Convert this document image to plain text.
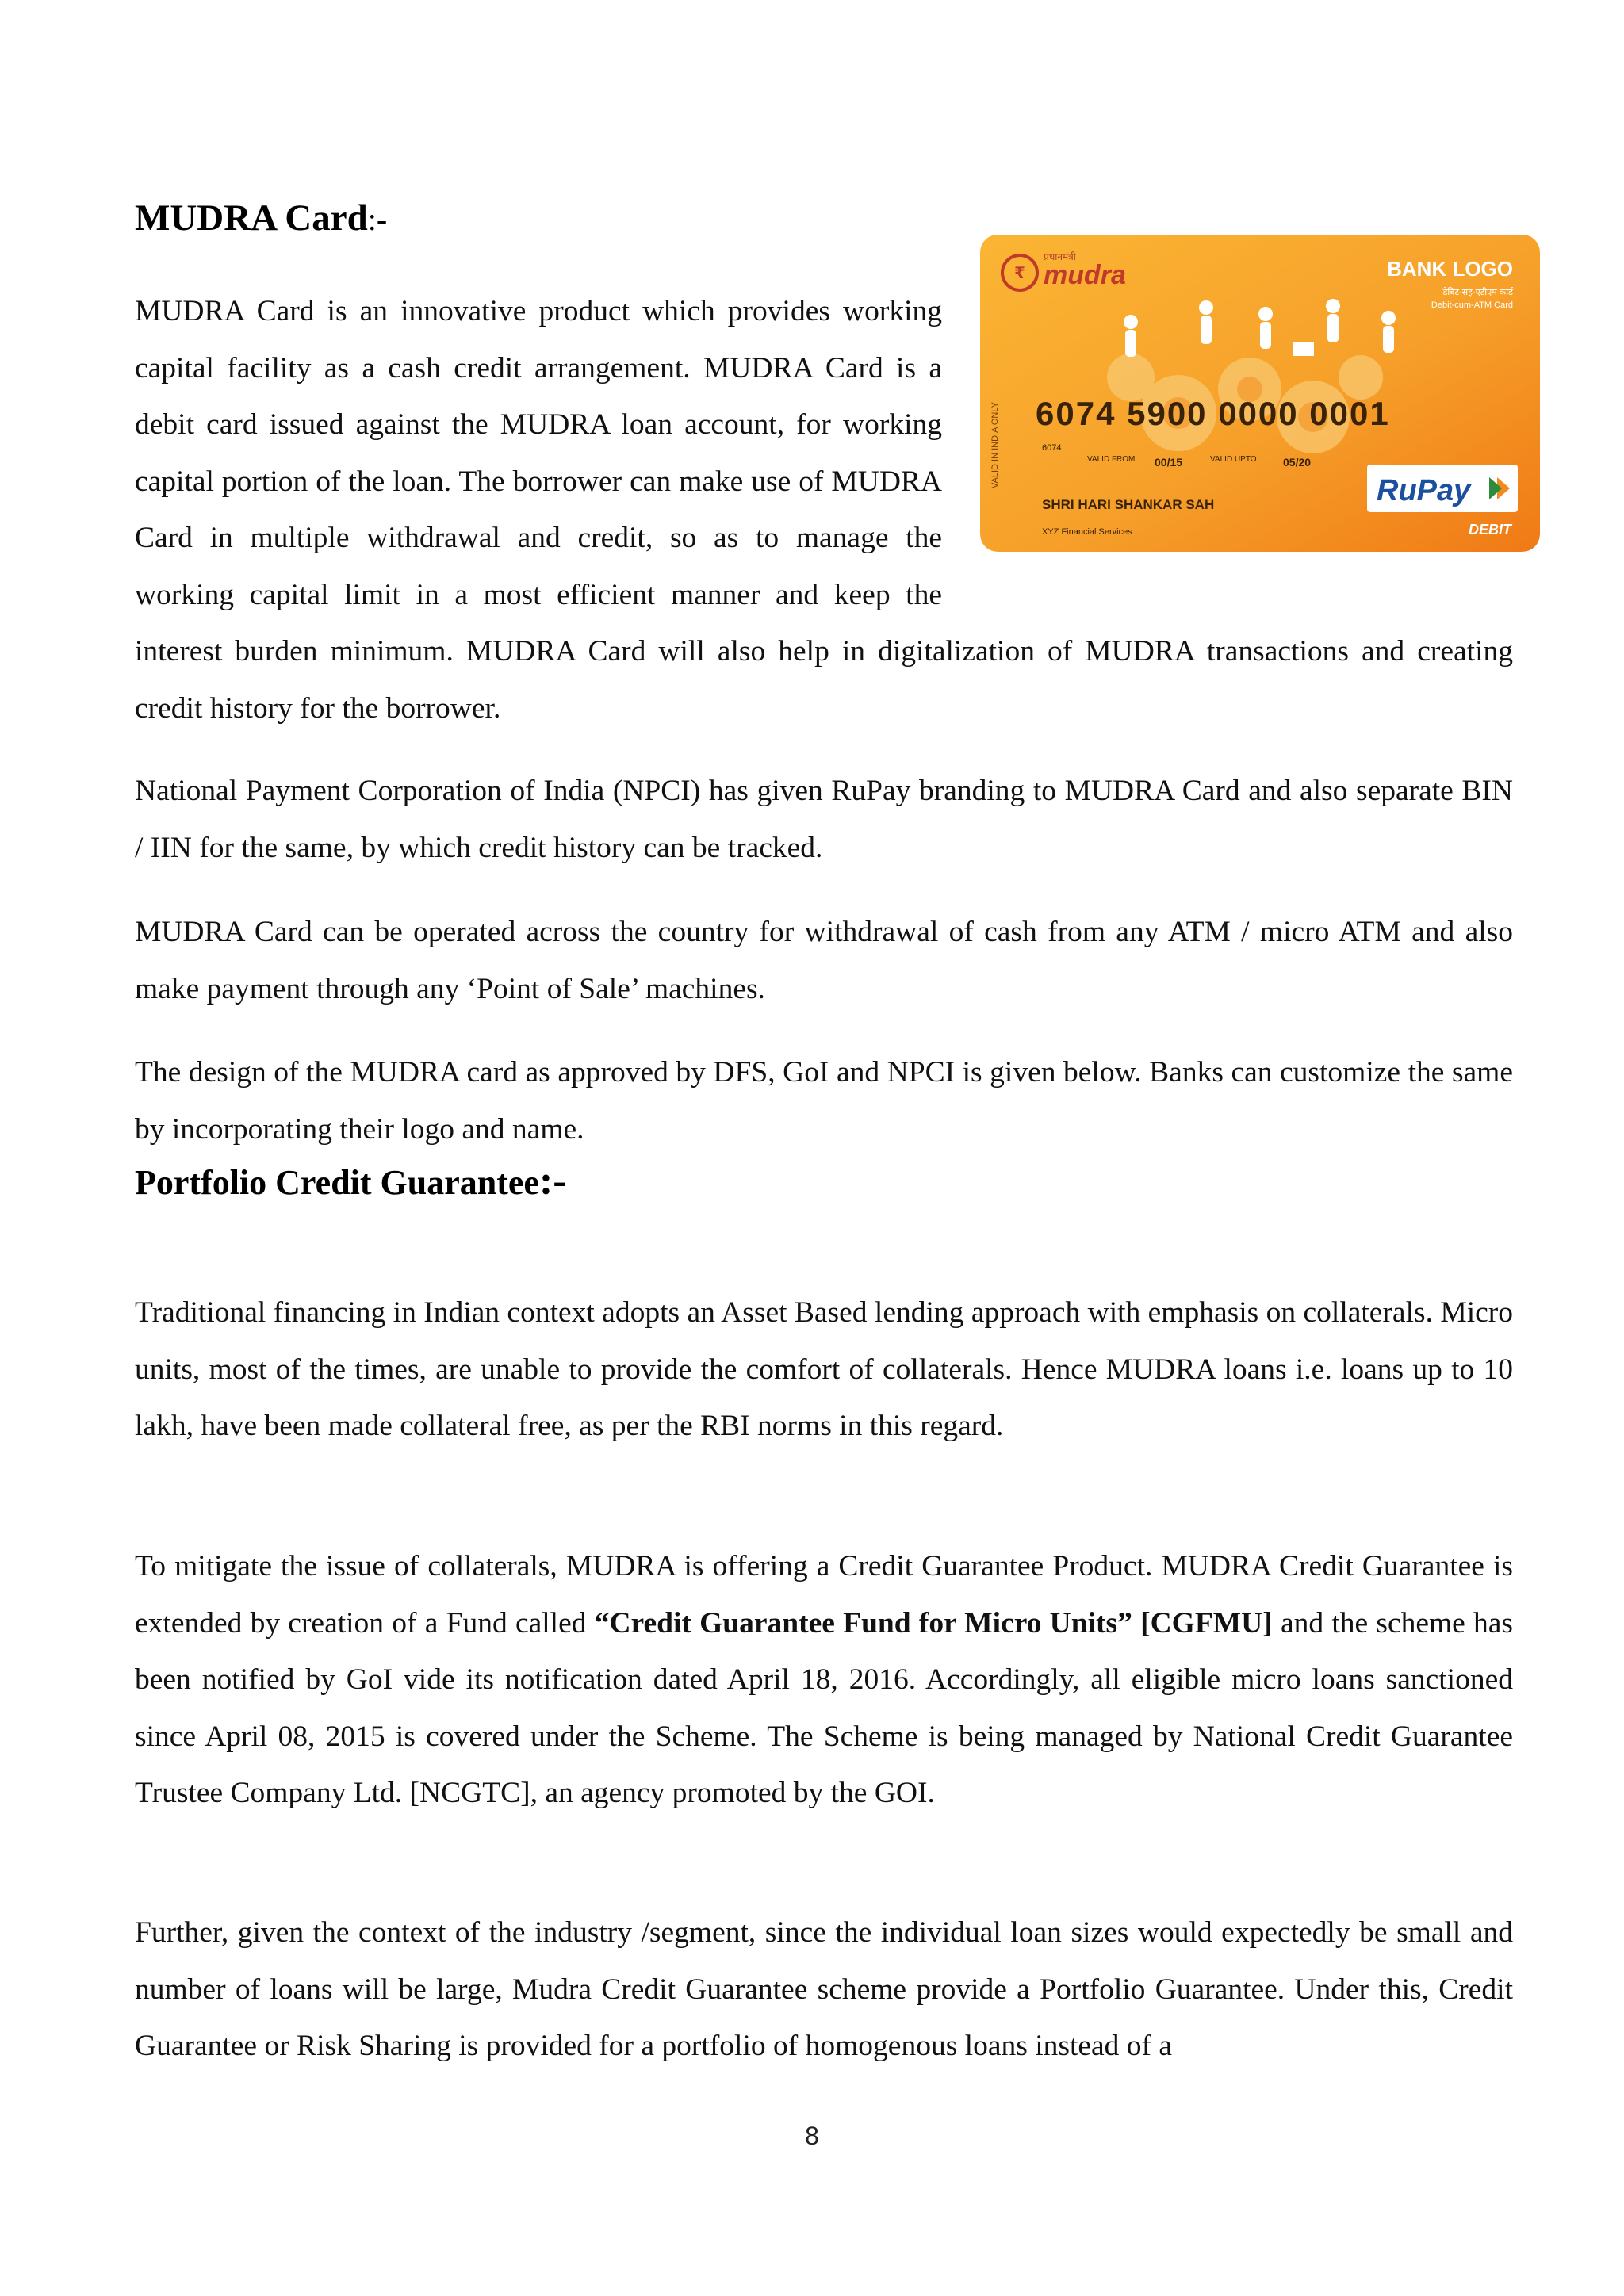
MUDRA Card:-
₹
प्रधानमंत्री
mudra	BANK LOGO
डेबिट-सह-एटीएम कार्ड
Debit-cum-ATM Card
VALID IN INDIA ONLY 6074 5900 0000 0001
6074
VALID FROM 00/15	VALID UPTO 05/20
SHRI HARI SHANKAR SAH
XYZ Financial Services
RuPay
DEBIT

MUDRA Card is an innovative product which provides working capital facility as a cash credit arrangement. MUDRA Card is a debit card issued against the MUDRA loan account, for working capital portion of the loan. The borrower can make use of MUDRA Card in multiple withdrawal and credit, so as to manage the working capital limit in a most efficient manner and keep the interest burden minimum. MUDRA Card will also help in digitalization of MUDRA transactions and creating credit history for the borrower.

National Payment Corporation of India (NPCI) has given RuPay branding to MUDRA Card and also separate BIN / IIN for the same, by which credit history can be tracked.

MUDRA Card can be operated across the country for withdrawal of cash from any ATM / micro ATM and also make payment through any ‘Point of Sale’ machines.

The design of the MUDRA card as approved by DFS, GoI and NPCI is given below. Banks can customize the same by incorporating their logo and name.

Portfolio Credit Guarantee:-

Traditional financing in Indian context adopts an Asset Based lending approach with emphasis on collaterals. Micro units, most of the times, are unable to provide the comfort of collaterals. Hence MUDRA loans i.e. loans up to 10 lakh, have been made collateral free, as per the RBI norms in this regard.

To mitigate the issue of collaterals, MUDRA is offering a Credit Guarantee Product. MUDRA Credit Guarantee is extended by creation of a Fund called “Credit Guarantee Fund for Micro Units” [CGFMU] and the scheme has been notified by GoI vide its notification dated April 18, 2016. Accordingly, all eligible micro loans sanctioned since April 08, 2015 is covered under the Scheme. The Scheme is being managed by National Credit Guarantee Trustee Company Ltd. [NCGTC], an agency promoted by the GOI.

Further, given the context of the industry /segment, since the individual loan sizes would expectedly be small and number of loans will be large, Mudra Credit Guarantee scheme provide a Portfolio Guarantee. Under this, Credit Guarantee or Risk Sharing is provided for a portfolio of homogenous loans instead of a

8
